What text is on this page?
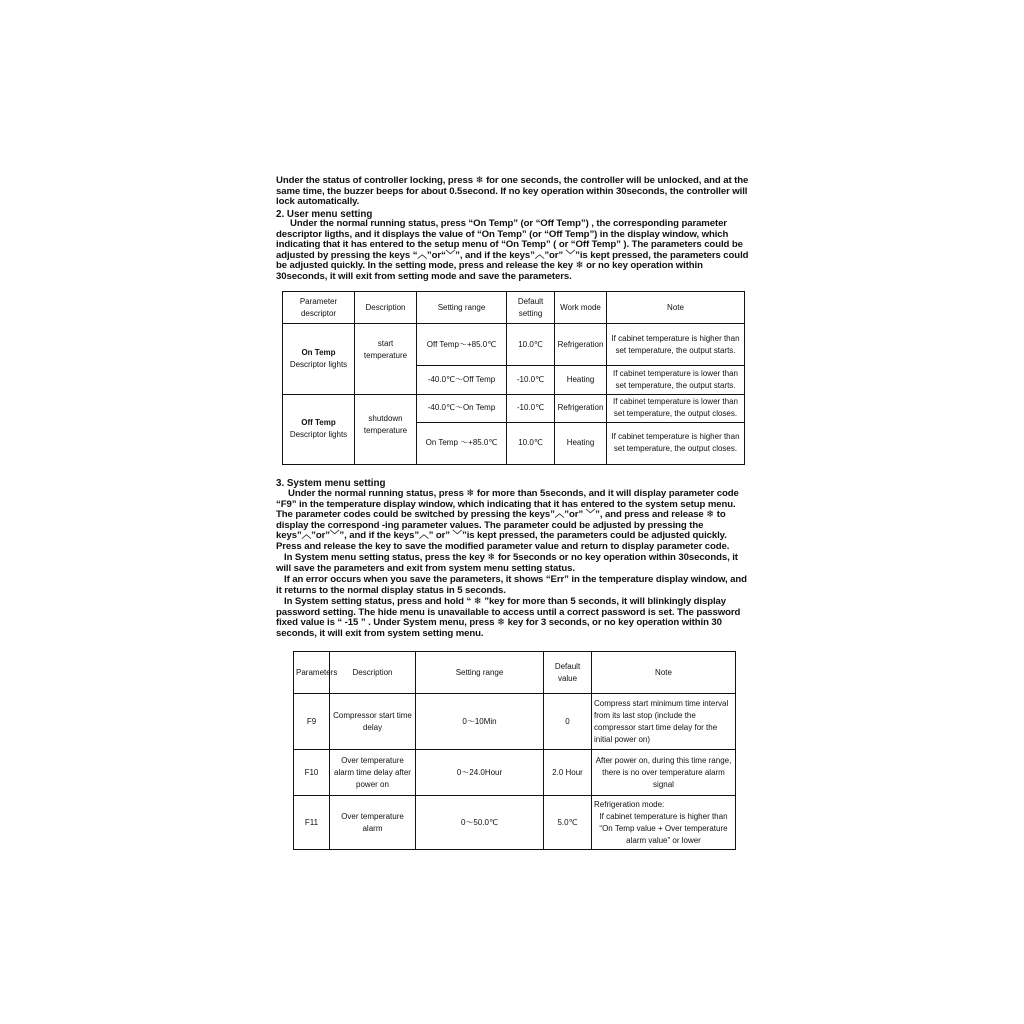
Under the status of controller locking, press ❄ for one seconds, the controller will be unlocked, and at the same time, the buzzer beeps for about 0.5second. If no key operation within 30seconds, the controller will lock automatically.

2. User menu setting

Under the normal running status, press “On Temp” (or “Off Temp”) , the corresponding parameter descriptor ligths, and it displays the value of “On Temp” (or “Off Temp”) in the display window, which indicating that it has entered to the setup menu of “On Temp” ( or “Off Temp” ). The parameters could be adjusted by pressing the keys “︿”or“﹀”, and if the keys”︿”or” ﹀”is kept pressed, the parameters could be adjusted quickly. In the setting mode, press and release the key ❄ or no key operation within 30seconds, it will exit from setting mode and save the parameters.

Parameter descriptor	Description	Setting range	Default setting	Work mode	Note

On Temp
Descriptor lights	start temperature	Off Temp～+85.0℃	10.0℃	Refrigeration	If cabinet temperature is higher than set temperature, the output starts.
		-40.0℃～Off Temp	-10.0℃	Heating	If cabinet temperature is lower than set temperature, the output starts.

Off Temp
Descriptor lights	shutdown temperature	-40.0℃～On Temp	-10.0℃	Refrigeration	If cabinet temperature is lower than set temperature, the output closes.
		On Temp ～+85.0℃	10.0℃	Heating	If cabinet temperature is higher than set temperature, the output closes.

3. System menu setting

Under the normal running status, press ❄ for more than 5seconds, and it will display parameter code “F9” in the temperature display window, which indicating that it has entered to the system setup menu. The parameter codes could be switched by pressing the keys”︿”or” ﹀”, and press and release ❄ to display the correspond -ing parameter values. The parameter could be adjusted by pressing the keys”︿”or”﹀”, and if the keys”︿” or” ﹀”is kept pressed, the parameters could be adjusted quickly. Press and release the key to save the modified parameter value and return to display parameter code.

In System menu setting status, press the key ❄ for 5seconds or no key operation within 30seconds, it will save the parameters and exit from system menu setting status.

If an error occurs when you save the parameters, it shows “Err” in the temperature display window, and it returns to the normal display status in 5 seconds.

In System setting status, press and hold “ ❄ ”key for more than 5 seconds, it will blinkingly display password setting. The hide menu is unavailable to access until a correct password is set. The password fixed value is “ -15 ” . Under System menu, press ❄ key for 3 seconds, or no key operation within 30 seconds, it will exit from system setting menu.

Parameters	Description	Setting range	Default value	Note
F9	Compressor start time delay	0～10Min	0	Compress start minimum time interval from its last stop (include the compressor start time delay for the initial power on)
F10	Over temperature alarm time delay after power on	0～24.0Hour	2.0 Hour	After power on, during this time range, there is no over temperature alarm signal
F11	Over temperature alarm	0～50.0℃	5.0℃	Refrigeration mode:
If cabinet temperature is higher than “On Temp value + Over temperature alarm value” or lower
